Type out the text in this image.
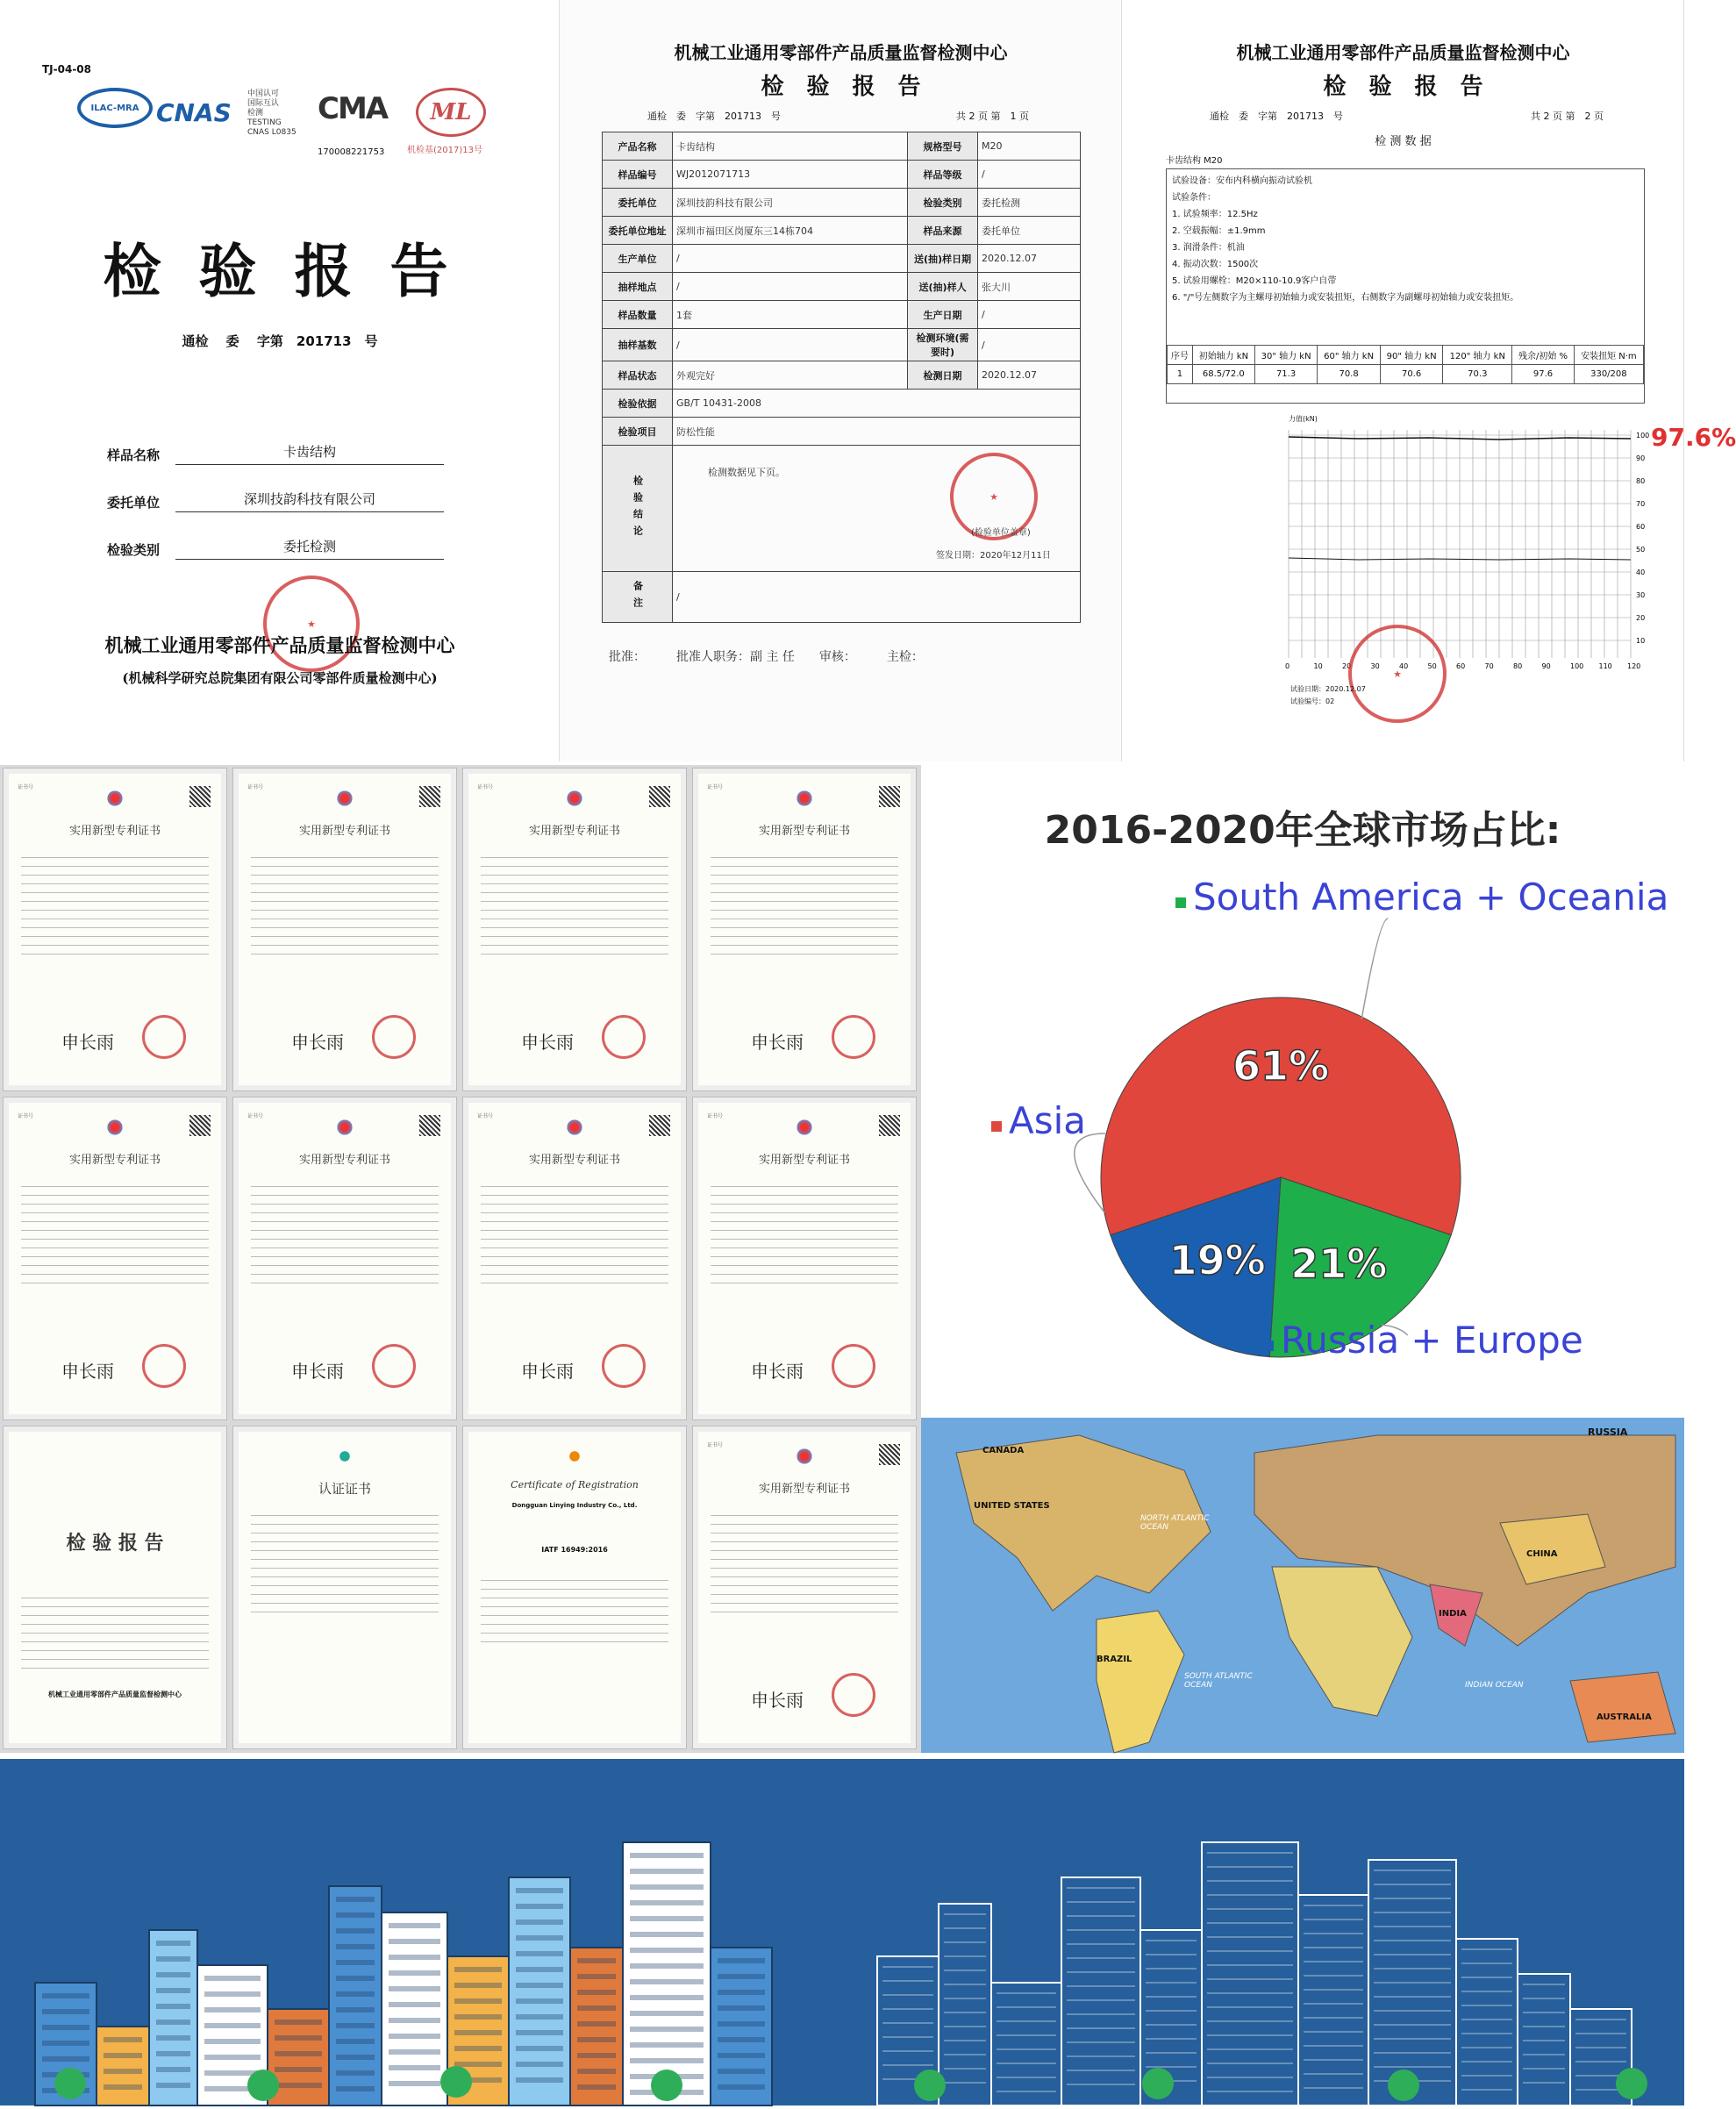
TJ-04-08
ILAC-MRA CNAS
中国认可
国际互认
检测
TESTING
CNAS L0835
CMA
170008221753
ML
机检基(2017)13号
检 验 报 告
通检　 委　 字第　201713　号
样品名称	卡齿结构
委托单位	深圳技韵科技有限公司
检验类别	委托检测
★
机械工业通用零部件产品质量监督检测中心
(机械科学研究总院集团有限公司零部件质量检测中心)
机械工业通用零部件产品质量监督检测中心
检　验　报　告
通检　委　字第　201713　号	共 2 页 第　1 页
产品名称	卡齿结构	规格型号	M20
样品编号	WJ2012071713	样品等级	/
委托单位	深圳技韵科技有限公司	检验类别	委托检测
委托单位地址	深圳市福田区岗厦东三14栋704	样品来源	委托单位
生产单位	/	送(抽)样日期	2020.12.07
抽样地点	/	送(抽)样人	张大川
样品数量	1套	生产日期	/
抽样基数	/	检测环境(需要时)	/
样品状态	外观完好	检测日期	2020.12.07
检验依据	GB/T 10431-2008		
检验项目	防松性能		
检验结论	检测数据见下页。
★
(检验单位盖章)
签发日期：2020年12月11日		

备注	/		
批准：　　　批准人职务：副 主 任　　审核：　　　主检：
机械工业通用零部件产品质量监督检测中心
检　验　报　告
通检　委　字第　201713　号	共 2 页 第　2 页
检 测 数 据
卡齿结构 M20
试验设备：安布内科横向振动试验机
试验条件：
1. 试验频率：12.5Hz
2. 空载振幅：±1.9mm
3. 润滑条件：机油
4. 振动次数：1500次
5. 试验用螺栓：M20×110-10.9客户自带
6. "/"号左侧数字为主螺母初始轴力或安装扭矩，右侧数字为副螺母初始轴力或安装扭矩。
序号	初始轴力 kN	30" 轴力 kN	60" 轴力 kN	90" 轴力 kN	120" 轴力 kN	残余/初始 %	安装扭矩 N·m
1	68.5/72.0	71.3	70.8	70.6	70.3	97.6	330/208
97.6%
力值(kN)
100
90
80
70
60
50
40
30
20
10
0	10	20	30	40	50	60	70	80	90	100 110 120
★
试验日期：2020.12.07
试验编号：02
证书号
实用新型专利证书
申长雨
证书号
实用新型专利证书
申长雨
证书号
实用新型专利证书
申长雨
证书号
实用新型专利证书
申长雨
证书号
实用新型专利证书
申长雨
证书号
实用新型专利证书
申长雨
证书号
实用新型专利证书
申长雨
证书号
实用新型专利证书
申长雨
检 验 报 告
机械工业通用零部件产品质量监督检测中心
认证证书	Certificate of Registration
Dongguan Linying Industry Co., Ltd.
IATF 16949:2016
证书号
实用新型专利证书
申长雨
2016-2020年全球市场占比:
61%
21%
19%
Asia
South America + Oceania
Russia + Europe
RUSSIA
CANADA
UNITED STATES
NORTH ATLANTIC OCEAN
CHINA
INDIA
BRAZIL
SOUTH ATLANTIC OCEAN	INDIAN OCEAN
AUSTRALIA
